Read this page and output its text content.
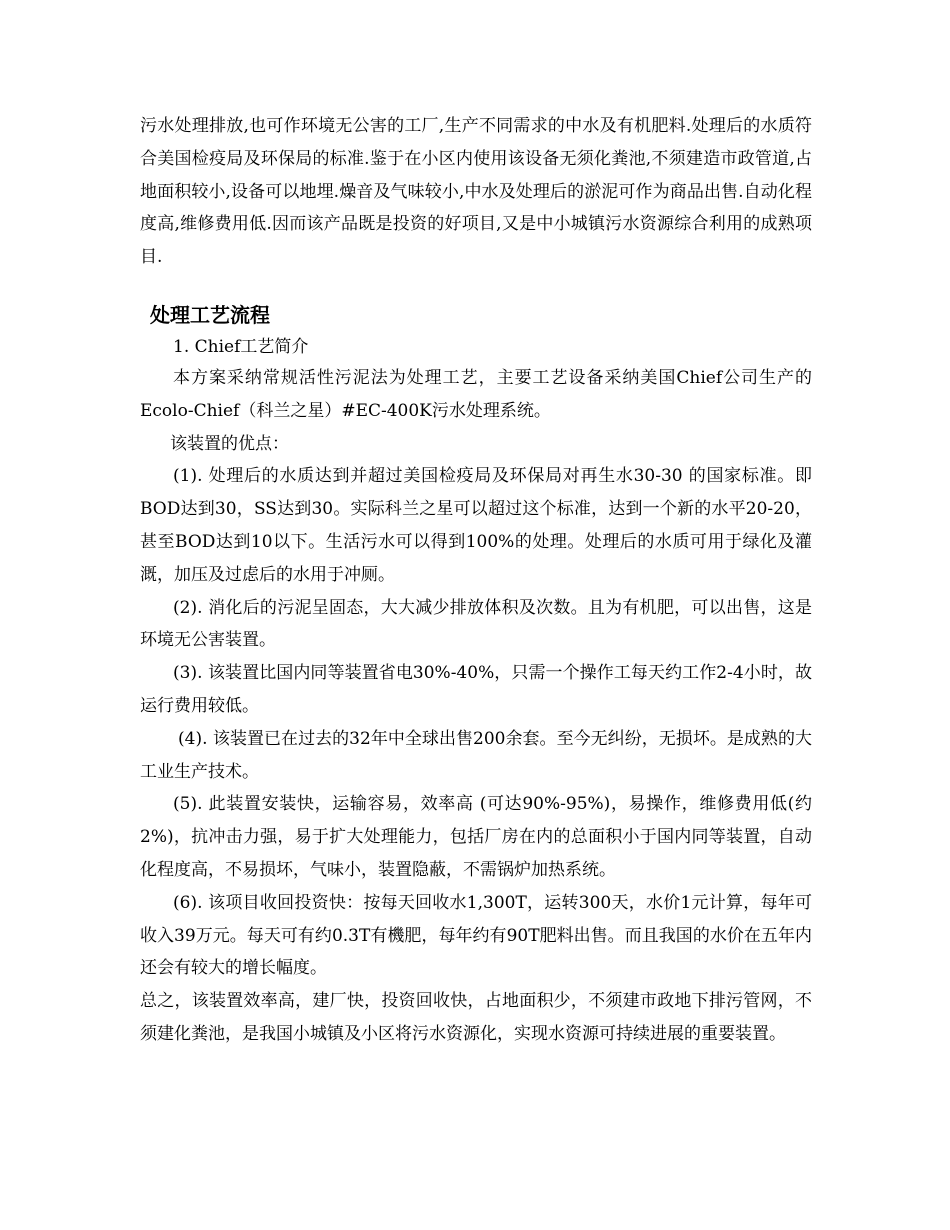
污水处理排放,也可作环境无公害的工厂,生产不同需求的中水及有机肥料.处理后的水质符合美国检疫局及环保局的标准.鉴于在小区内使用该设备无须化粪池,不须建造市政管道,占地面积较小,设备可以地埋.燥音及气味较小,中水及处理后的淤泥可作为商品出售.自动化程度高,维修费用低.因而该产品既是投资的好项目,又是中小城镇污水资源综合利用的成熟项目.

处理工艺流程

1. Chief工艺简介

本方案采纳常规活性污泥法为处理工艺，主要工艺设备采纳美国Chief公司生产的Ecolo-Chief（科兰之星）#EC-400K污水处理系统。

该装置的优点：

(1). 处理后的水质达到并超过美国检疫局及环保局对再生水30-30 的国家标准。即BOD达到30，SS达到30。实际科兰之星可以超过这个标准，达到一个新的水平20-20， 甚至BOD达到10以下。生活污水可以得到100%的处理。处理后的水质可用于绿化及灌溉，加压及过虑后的水用于冲厕。

(2). 消化后的污泥呈固态，大大减少排放体积及次数。且为有机肥，可以出售，这是环境无公害装置。

(3). 该装置比国内同等装置省电30%-40%，只需一个操作工每天约工作2-4小时，故运行费用较低。

(4). 该装置已在过去的32年中全球出售200余套。至今无纠纷，无损坏。是成熟的大工业生产技术。

(5). 此装置安装快，运输容易，效率高 (可达90%-95%)，易操作，维修费用低(约2%)，抗冲击力强，易于扩大处理能力，包括厂房在内的总面积小于国内同等装置，自动化程度高，不易损坏，气味小，装置隐蔽，不需锅炉加热系统。

(6). 该项目收回投资快：按每天回收水1,300T，运转300天，水价1元计算，每年可收入39万元。每天可有约0.3T有機肥，每年约有90T肥料出售。而且我国的水价在五年内还会有较大的增长幅度。

总之，该装置效率高，建厂快，投资回收快，占地面积少，不须建市政地下排污管网，不须建化粪池，是我国小城镇及小区将污水资源化，实现水资源可持续进展的重要装置。
